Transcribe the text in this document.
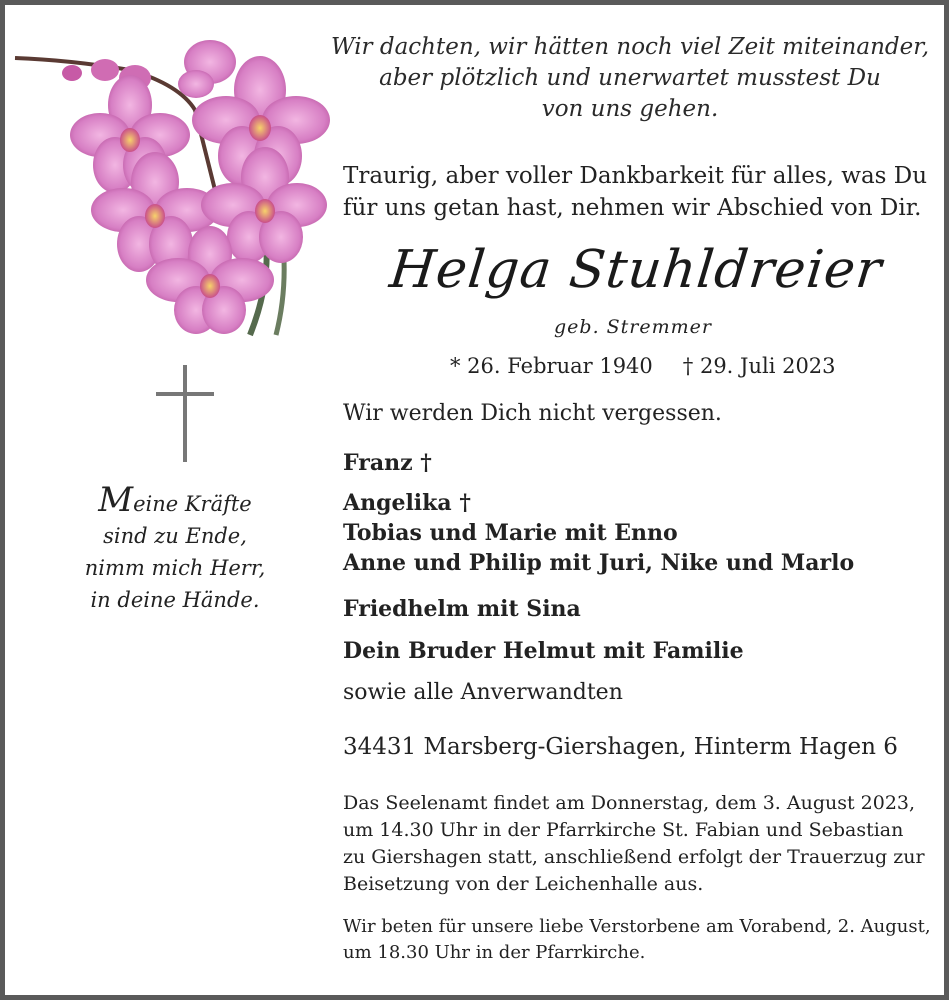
Meine Kräfte
sind zu Ende,
nimm mich Herr,
in deine Hände.
Wir dachten, wir hätten noch viel Zeit miteinander,
aber plötzlich und unerwartet musstest Du
von uns gehen.
Traurig, aber voller Dankbarkeit für alles, was Du
für uns getan hast, nehmen wir Abschied von Dir.
Helga Stuhldreier
geb. Stremmer
* 26. Februar 1940 † 29. Juli 2023
Wir werden Dich nicht vergessen.
Franz †
Angelika †
Tobias und Marie mit Enno
Anne und Philip mit Juri, Nike und Marlo
Friedhelm mit Sina
Dein Bruder Helmut mit Familie
sowie alle Anverwandten
34431 Marsberg-Giershagen, Hinterm Hagen 6
Das Seelenamt findet am Donnerstag, dem 3. August 2023,
um 14.30 Uhr in der Pfarrkirche St. Fabian und Sebastian
zu Giershagen statt, anschließend erfolgt der Trauerzug zur
Beisetzung von der Leichenhalle aus.
Wir beten für unsere liebe Verstorbene am Vorabend, 2. August,
um 18.30 Uhr in der Pfarrkirche.
